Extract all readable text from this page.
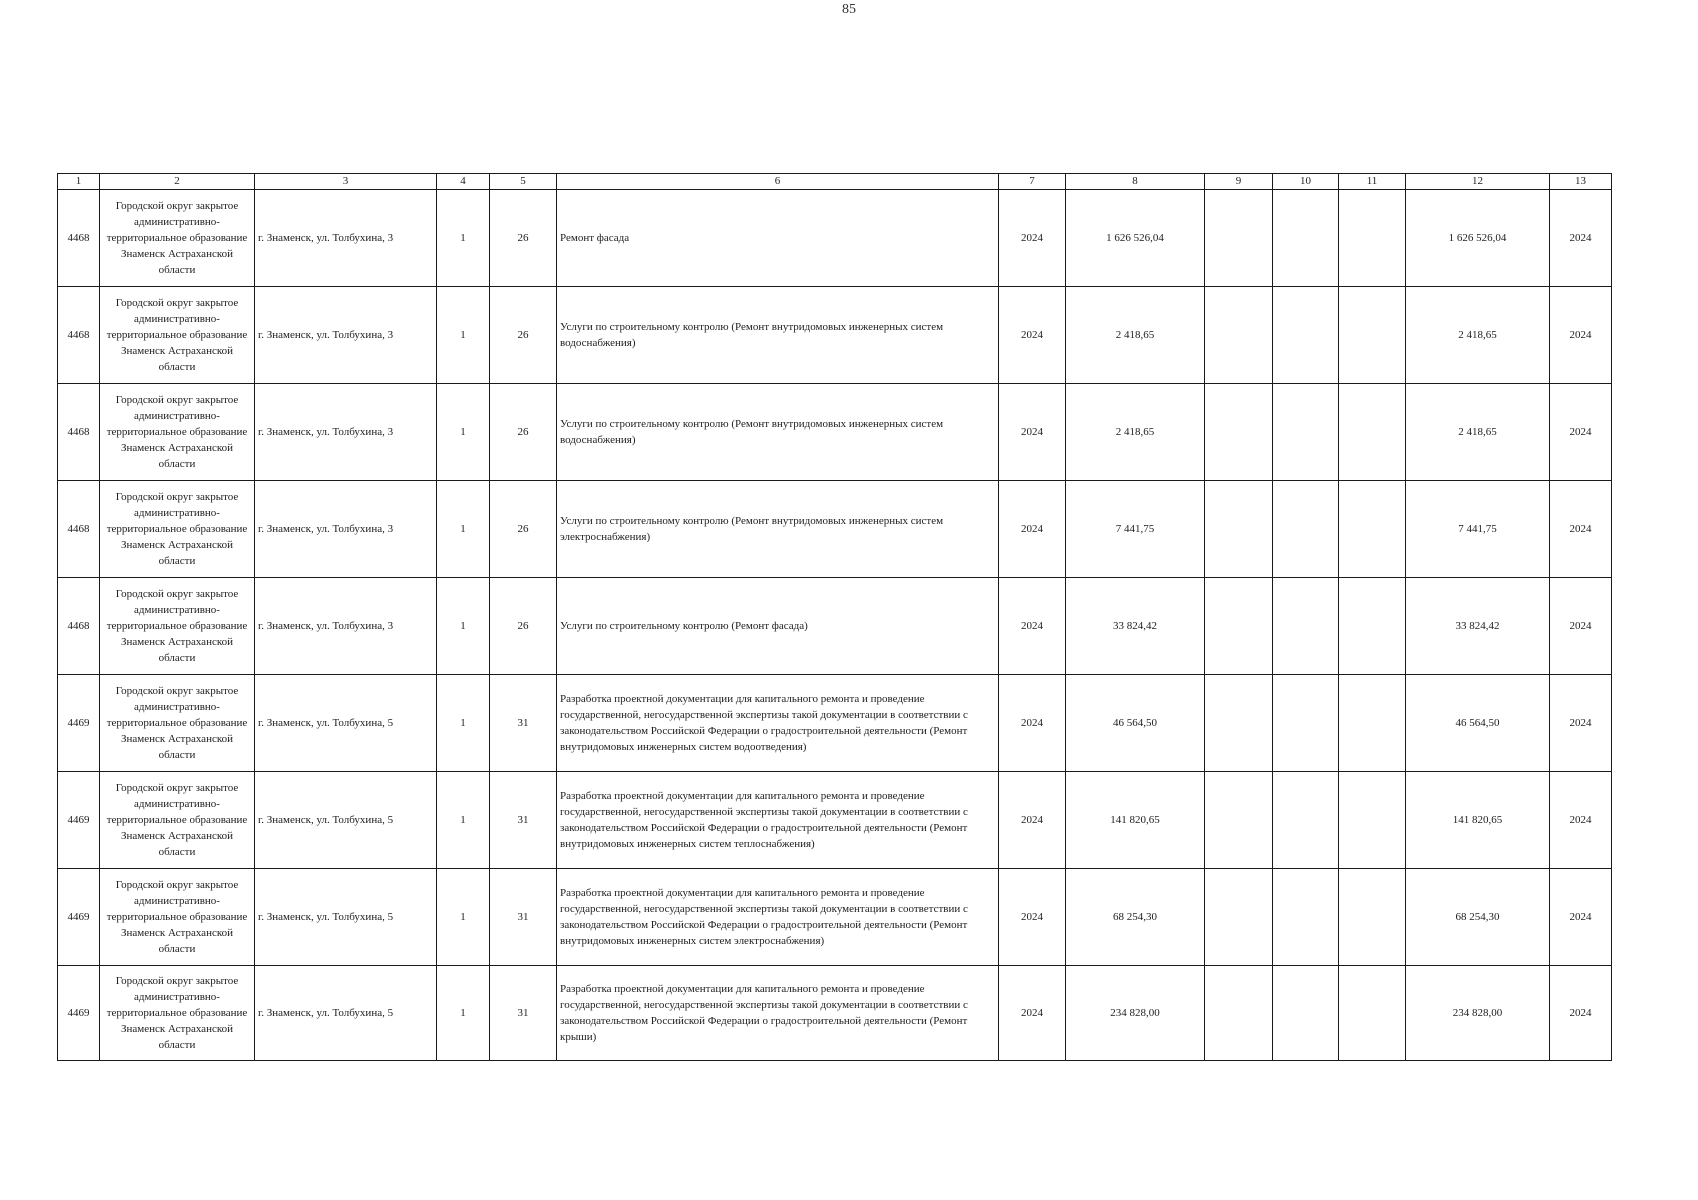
85
1	2	3	4	5	6	7	8	9	10	11	12	13
4468	Городской округ закрытое административно-территориальное образование Знаменск Астраханской области	г. Знаменск, ул. Толбухина, 3	1	26	Ремонт фасада	2024	1 626 526,04				1 626 526,04	2024
4468	Городской округ закрытое административно-территориальное образование Знаменск Астраханской области	г. Знаменск, ул. Толбухина, 3	1	26	Услуги по строительному контролю (Ремонт внутридомовых инженерных систем водоснабжения)	2024	2 418,65				2 418,65	2024
4468	Городской округ закрытое административно-территориальное образование Знаменск Астраханской области	г. Знаменск, ул. Толбухина, 3	1	26	Услуги по строительному контролю (Ремонт внутридомовых инженерных систем водоснабжения)	2024	2 418,65				2 418,65	2024
4468	Городской округ закрытое административно-территориальное образование Знаменск Астраханской области	г. Знаменск, ул. Толбухина, 3	1	26	Услуги по строительному контролю (Ремонт внутридомовых инженерных систем электроснабжения)	2024	7 441,75				7 441,75	2024
4468	Городской округ закрытое административно-территориальное образование Знаменск Астраханской области	г. Знаменск, ул. Толбухина, 3	1	26	Услуги по строительному контролю (Ремонт фасада)	2024	33 824,42				33 824,42	2024
4469	Городской округ закрытое административно-территориальное образование Знаменск Астраханской области	г. Знаменск, ул. Толбухина, 5	1	31	Разработка проектной документации для капитального ремонта и проведение государственной, негосударственной экспертизы такой документации в соответствии с законодательством Российской Федерации о градостроительной деятельности (Ремонт внутридомовых инженерных систем водоотведения)	2024	46 564,50				46 564,50	2024
4469	Городской округ закрытое административно-территориальное образование Знаменск Астраханской области	г. Знаменск, ул. Толбухина, 5	1	31	Разработка проектной документации для капитального ремонта и проведение государственной, негосударственной экспертизы такой документации в соответствии с законодательством Российской Федерации о градостроительной деятельности (Ремонт внутридомовых инженерных систем теплоснабжения)	2024	141 820,65				141 820,65	2024
4469	Городской округ закрытое административно-территориальное образование Знаменск Астраханской области	г. Знаменск, ул. Толбухина, 5	1	31	Разработка проектной документации для капитального ремонта и проведение государственной, негосударственной экспертизы такой документации в соответствии с законодательством Российской Федерации о градостроительной деятельности (Ремонт внутридомовых инженерных систем электроснабжения)	2024	68 254,30				68 254,30	2024
4469	Городской округ закрытое административно-территориальное образование Знаменск Астраханской области	г. Знаменск, ул. Толбухина, 5	1	31	Разработка проектной документации для капитального ремонта и проведение государственной, негосударственной экспертизы такой документации в соответствии с законодательством Российской Федерации о градостроительной деятельности (Ремонт крыши)	2024	234 828,00				234 828,00	2024
